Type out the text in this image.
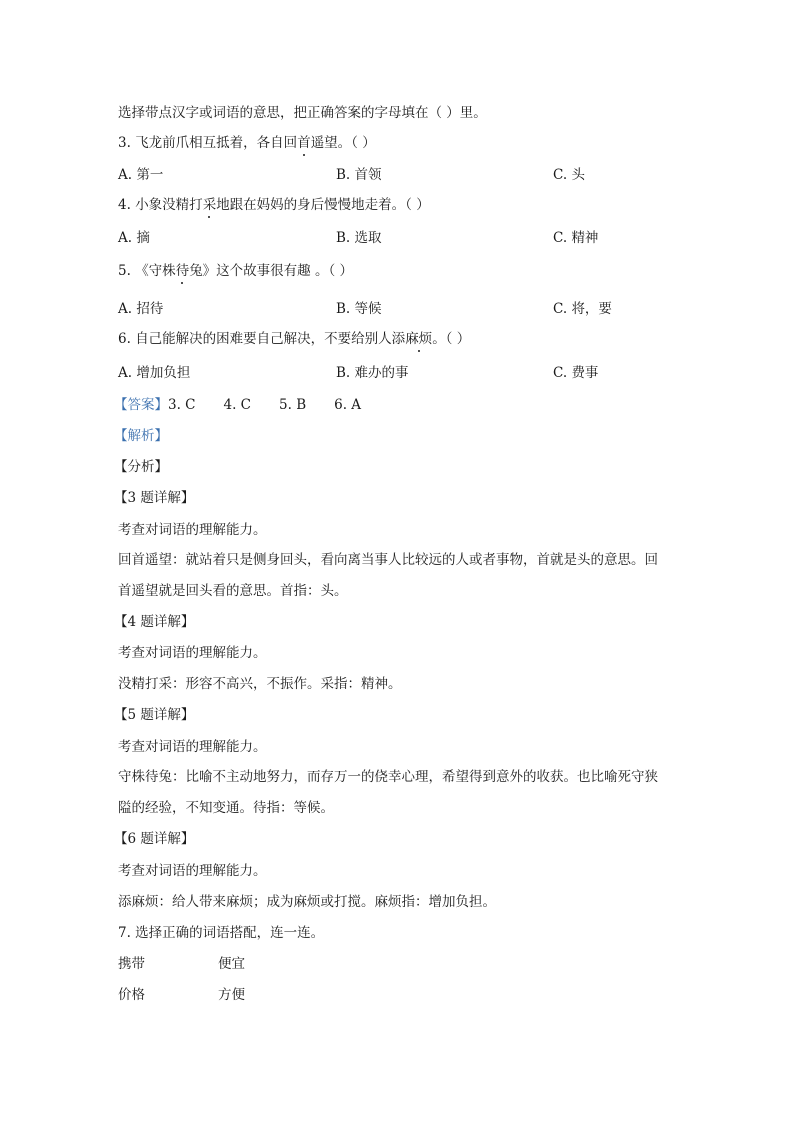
选择带点汉字或词语的意思，把正确答案的字母填在（ ）里。
3. 飞龙前爪相互抵着，各自回首遥望。（ ）
A. 第一	B. 首领	C. 头
4. 小象没精打采地跟在妈妈的身后慢慢地走着。（ ）
A. 摘	B. 选取	C. 精神
5. 《守株待兔》这个故事很有趣 。（ ）
A. 招待	B. 等候	C. 将，要
6. 自己能解决的困难要自己解决，不要给别人添麻烦。（ ）
A. 增加负担	B. 难办的事	C. 费事
【答案】3. C 4. C 5. B 6. A
【解析】
【分析】
【3 题详解】
考查对词语的理解能力。
回首遥望：就站着只是侧身回头，看向离当事人比较远的人或者事物，首就是头的意思。回
首遥望就是回头看的意思。首指：头。
【4 题详解】
考查对词语的理解能力。
没精打采：形容不高兴，不振作。采指：精神。
【5 题详解】
考查对词语的理解能力。
守株待兔：比喻不主动地努力，而存万一的侥幸心理，希望得到意外的收获。也比喻死守狭
隘的经验，不知变通。待指：等候。
【6 题详解】
考查对词语的理解能力。
添麻烦：给人带来麻烦；成为麻烦或打搅。麻烦指：增加负担。
7. 选择正确的词语搭配，连一连。
携带	便宜
价格	方便
